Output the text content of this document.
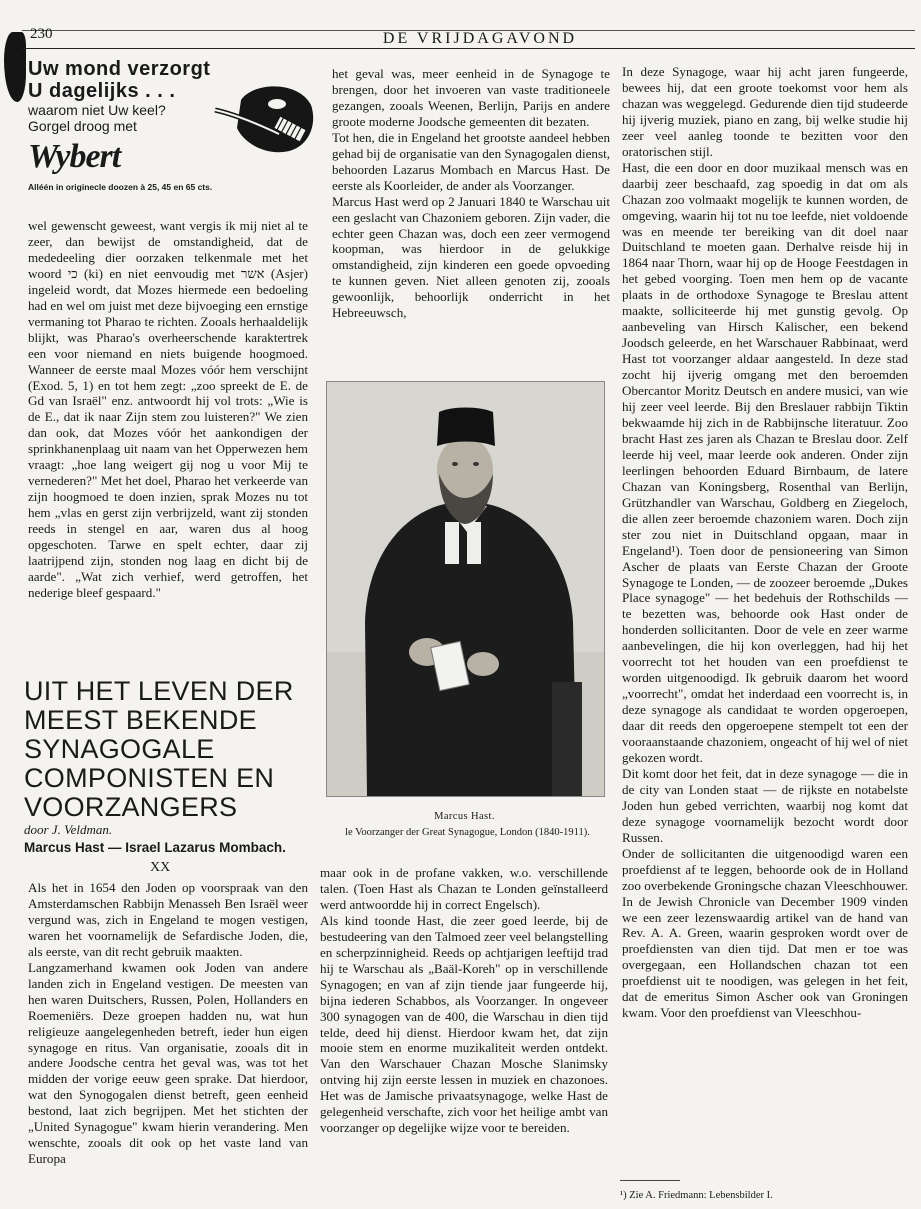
230	DE VRIJDAGAVOND
Uw mond verzorgt
U dagelijks . . .
waarom niet Uw keel?
Gorgel droog met
Wybert
Alléén in originecle doozen à 25, 45 en 65 cts.

wel gewenscht geweest, want vergis ik mij niet al te zeer, dan bewijst de omstandigheid, dat de mededeeling dier oorzaken telkenmale met het woord כי (ki) en niet eenvoudig met אשר (Asjer) ingeleid wordt, dat Mozes hiermede een bedoeling had en wel om juist met deze bijvoeging een ernstige vermaning tot Pharao te richten. Zooals herhaaldelijk blijkt, was Pharao's overheerschende karaktertrek een voor niemand en niets buigende hoogmoed. Wanneer de eerste maal Mozes vóór hem verschijnt (Exod. 5, 1) en tot hem zegt: „zoo spreekt de E. de Gd van Israël" enz. antwoordt hij vol trots: „Wie is de E., dat ik naar Zijn stem zou luisteren?" We zien dan ook, dat Mozes vóór het aankondigen der sprinkhanenplaag uit naam van het Opperwezen hem vraagt: „hoe lang weigert gij nog u voor Mij te vernederen?" Met het doel, Pharao het verkeerde van zijn hoogmoed te doen inzien, sprak Mozes nu tot hem „vlas en gerst zijn verbrijzeld, want zij stonden reeds in stengel en aar, waren dus al hoog opgeschoten. Tarwe en spelt echter, daar zij laatrijpend zijn, stonden nog laag en dicht bij de aarde". „Wat zich verhief, werd getroffen, het nederige bleef gespaard."

UIT HET LEVEN DER MEEST BEKENDE SYNAGOGALE COMPONISTEN EN VOORZANGERS
door J. Veldman.
Marcus Hast — Israel Lazarus Mombach.
XX

Als het in 1654 den Joden op voorspraak van den Amsterdamschen Rabbijn Menasseh Ben Israël weer vergund was, zich in Engeland te mogen vestigen, waren het voornamelijk de Sefardische Joden, die, als eerste, van dit recht gebruik maakten.

Langzamerhand kwamen ook Joden van andere landen zich in Engeland vestigen. De meesten van hen waren Duitschers, Russen, Polen, Hollanders en Roemeniërs. Deze groepen hadden nu, wat hun religieuze aangelegenheden betreft, ieder hun eigen synagoge en ritus. Van organisatie, zooals dit in andere Joodsche centra het geval was, was tot het midden der vorige eeuw geen sprake. Dat hierdoor, wat den Synogogalen dienst betreft, geen eenheid bestond, laat zich begrijpen. Met het stichten der „United Synagogue" kwam hierin verandering. Men wenschte, zooals dit ook op het vaste land van Europa

het geval was, meer eenheid in de Synagoge te brengen, door het invoeren van vaste traditioneele gezangen, zooals Weenen, Berlijn, Parijs en andere groote moderne Joodsche gemeenten dit bezaten.

Tot hen, die in Engeland het grootste aandeel hebben gehad bij de organisatie van den Synagogalen dienst, behoorden Lazarus Mombach en Marcus Hast. De eerste als Koorleider, de ander als Voorzanger.

Marcus Hast werd op 2 Januari 1840 te Warschau uit een geslacht van Chazoniem geboren. Zijn vader, die echter geen Chazan was, doch een zeer vermogend koopman, was hierdoor in de gelukkige omstandigheid, zijn kinderen een goede opvoeding te kunnen geven. Niet alleen genoten zij, zooals gewoonlijk, behoorlijk onderricht in het Hebreeuwsch,

Marcus Hast.
le Voorzanger der Great Synagogue, London (1840-1911).

maar ook in de profane vakken, w.o. verschillende talen. (Toen Hast als Chazan te Londen geïnstalleerd werd antwoordde hij in correct Engelsch).

Als kind toonde Hast, die zeer goed leerde, bij de bestudeering van den Talmoed zeer veel belangstelling en scherpzinnigheid. Reeds op achtjarigen leeftijd trad hij te Warschau als „Baäl-Koreh" op in verschillende Synagogen; en van af zijn tiende jaar fungeerde hij, bijna iederen Schabbos, als Voorzanger. In ongeveer 300 synagogen van de 400, die Warschau in dien tijd telde, deed hij dienst. Hierdoor kwam het, dat zijn mooie stem en enorme muzikaliteit werden ontdekt. Van den Warschauer Chazan Mosche Slanimsky ontving hij zijn eerste lessen in muziek en chazonoes. Het was de Jamische privaatsynagoge, welke Hast de gelegenheid verschafte, zich voor het heilige ambt van voorzanger op degelijke wijze voor te bereiden.

In deze Synagoge, waar hij acht jaren fungeerde, bewees hij, dat een groote toekomst voor hem als chazan was weggelegd. Gedurende dien tijd studeerde hij ijverig muziek, piano en zang, bij welke studie hij zeer veel aanleg toonde te bezitten voor den oratorischen stijl.

Hast, die een door en door muzikaal mensch was en daarbij zeer beschaafd, zag spoedig in dat om als Chazan zoo volmaakt mogelijk te kunnen worden, de omgeving, waarin hij tot nu toe leefde, niet voldoende was en meende ter bereiking van dit doel naar Duitschland te moeten gaan. Derhalve reisde hij in 1864 naar Thorn, waar hij op de Hooge Feestdagen in het gebed voorging. Toen men hem op de vacante plaats in de orthodoxe Synagoge te Breslau attent maakte, solliciteerde hij met gunstig gevolg. Op aanbeveling van Hirsch Kalischer, een bekend Joodsch geleerde, en het Warschauer Rabbinaat, werd Hast tot voorzanger aldaar aangesteld. In deze stad zocht hij ijverig omgang met den beroemden Obercantor Moritz Deutsch en andere musici, van wie hij zeer veel leerde. Bij den Breslauer rabbijn Tiktin bekwaamde hij zich in de Rabbijnsche literatuur. Zoo bracht Hast zes jaren als Chazan te Breslau door. Zelf leerde hij veel, maar leerde ook anderen. Onder zijn leerlingen behoorden Eduard Birnbaum, de latere Chazan van Koningsberg, Rosenthal van Berlijn, Grützhandler van Warschau, Goldberg en Ziegeloch, die allen zeer beroemde chazoniem waren. Doch zijn ster zou niet in Duitschland opgaan, maar in Engeland¹). Toen door de pensioneering van Simon Ascher de plaats van Eerste Chazan der Groote Synagoge te Londen, — de zoozeer beroemde „Dukes Place synagoge" — het bedehuis der Rothschilds — te bezetten was, behoorde ook Hast onder de honderden sollicitanten. Door de vele en zeer warme aanbevelingen, die hij kon overleggen, had hij het voorrecht tot het houden van een proefdienst te worden uitgenoodigd. Ik gebruik daarom het woord „voorrecht", omdat het inderdaad een voorrecht is, in deze synagoge als candidaat te worden opgeroepen, daar dit reeds den opgeroepene stempelt tot een der vooraanstaande chazoniem, ongeacht of hij wel of niet gekozen wordt.

Dit komt door het feit, dat in deze synagoge — die in de city van Londen staat — de rijkste en notabelste Joden hun gebed verrichten, waarbij nog komt dat deze synagoge voornamelijk bezocht wordt door Russen.

Onder de sollicitanten die uitgenoodigd waren een proefdienst af te leggen, behoorde ook de in Holland zoo overbekende Groningsche chazan Vleeschhouwer. In de Jewish Chronicle van December 1909 vinden we een zeer lezenswaardig artikel van de hand van Rev. A. A. Green, waarin gesproken wordt over de proefdiensten van dien tijd. Dat men er toe was overgegaan, een Hollandschen chazan tot een proefdienst uit te noodigen, was gelegen in het feit, dat de emeritus Simon Ascher ook van Groningen kwam. Voor den proefdienst van Vleeschhou-

¹) Zie A. Friedmann: Lebensbilder I.
